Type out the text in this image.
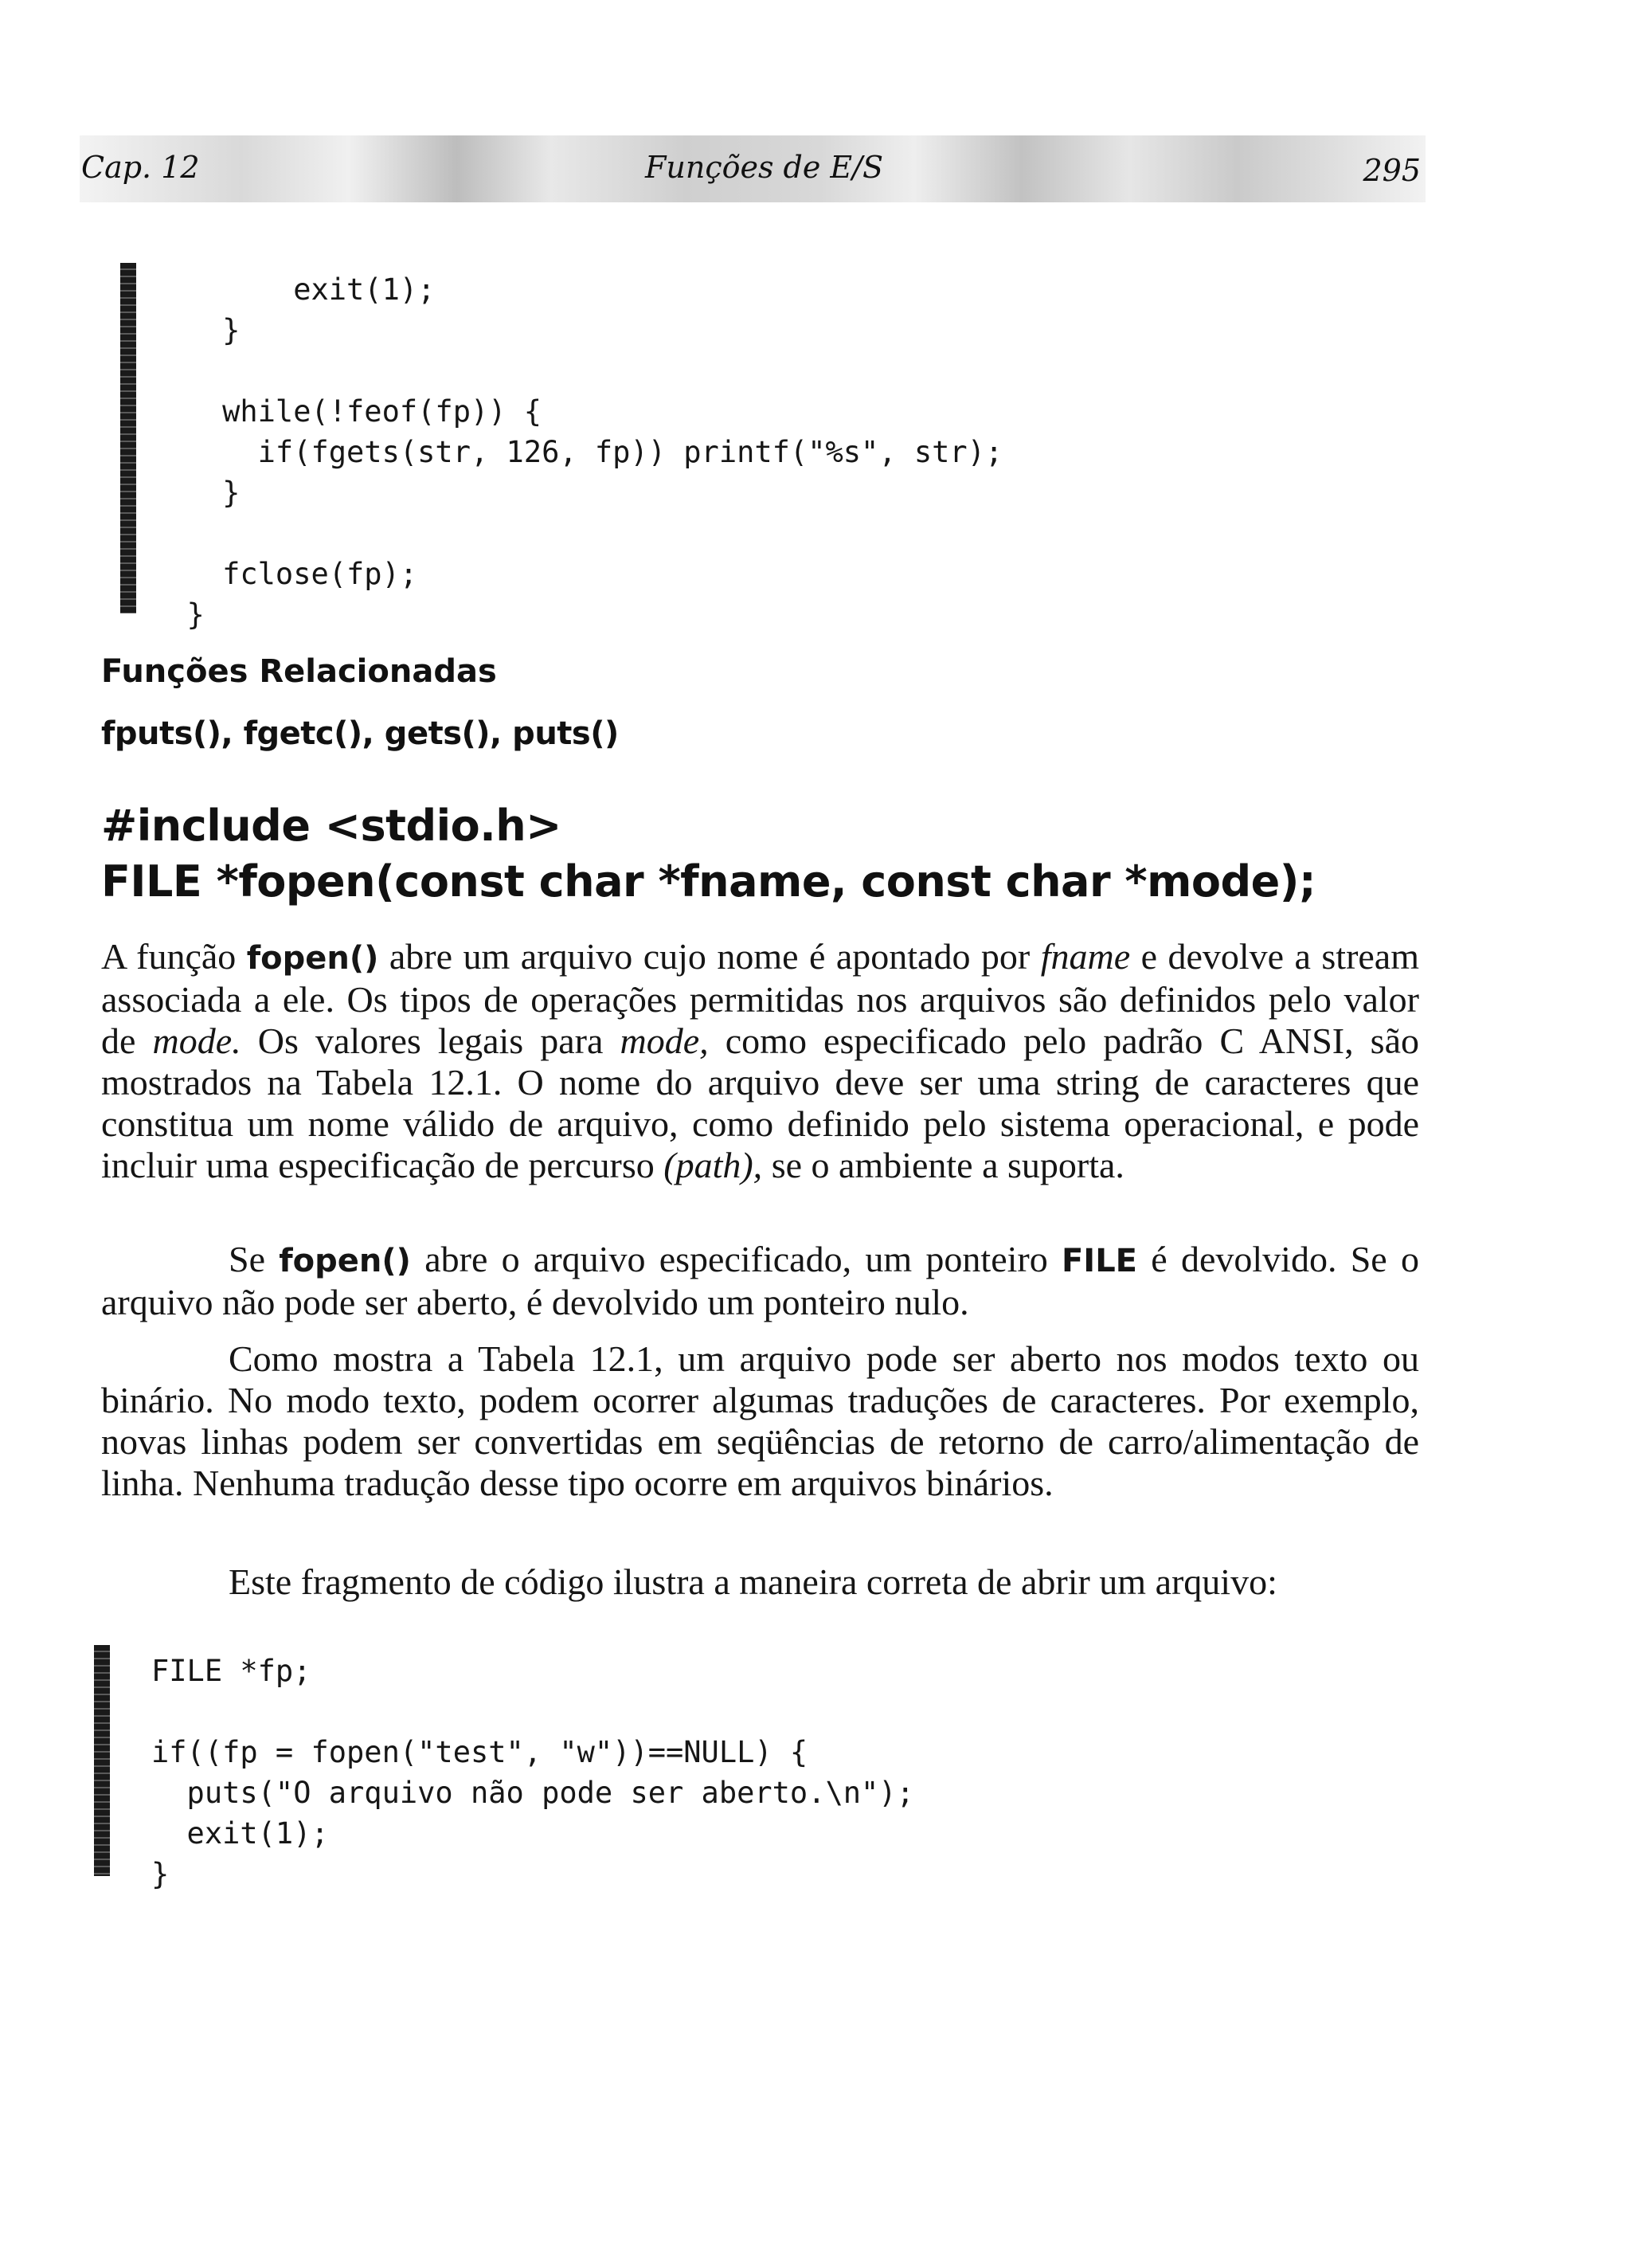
Cap. 12	Funções de E/S	295
exit(1);
}

while(!feof(fp)) {
if(fgets(str, 126, fp)) printf("%s", str);
}

fclose(fp);
}
Funções Relacionadas
fputs(), fgetc(), gets(), puts()
#include <stdio.h>
FILE *fopen(const char *fname, const char *mode);

A função fopen() abre um arquivo cujo nome é apontado por fname e devolve a stream associada a ele. Os tipos de operações permitidas nos arquivos são definidos pelo valor de mode. Os valores legais para mode, como especificado pelo padrão C ANSI, são mostrados na Tabela 12.1. O nome do arquivo deve ser uma string de caracteres que constitua um nome válido de arquivo, como definido pelo sistema operacional, e pode incluir uma especificação de percurso (path), se o ambiente a suporta.

Se fopen() abre o arquivo especificado, um ponteiro FILE é devolvido. Se o arquivo não pode ser aberto, é devolvido um ponteiro nulo.

Como mostra a Tabela 12.1, um arquivo pode ser aberto nos modos texto ou binário. No modo texto, podem ocorrer algumas traduções de caracteres. Por exemplo, novas linhas podem ser convertidas em seqüências de retorno de carro/alimentação de linha. Nenhuma tradução desse tipo ocorre em arquivos binários.

Este fragmento de código ilustra a maneira correta de abrir um arquivo:

FILE *fp;

if((fp = fopen("test", "w"))==NULL) {
puts("O arquivo não pode ser aberto.\n");
exit(1);
}
